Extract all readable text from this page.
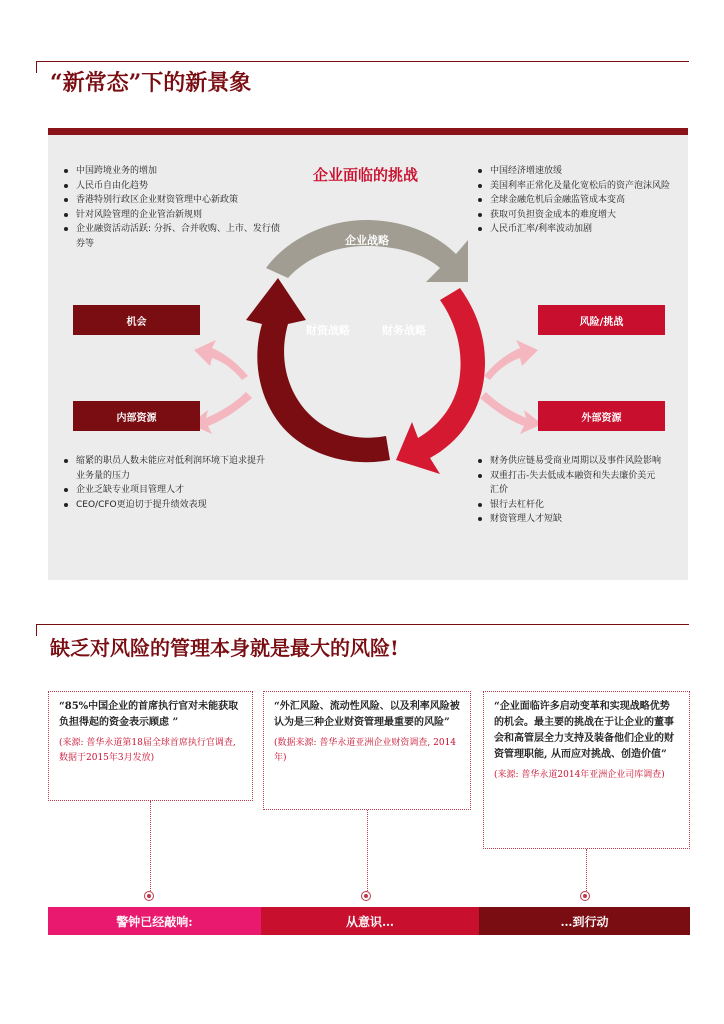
“新常态”下的新景象
中国跨境业务的增加
人民币自由化趋势
香港特别行政区企业财资管理中心新政策
针对风险管理的企业管治新规则
企业融资活动活跃: 分拆、合并收购、上市、发行债券等
中国经济增速放缓
美国利率正常化及量化宽松后的资产泡沫风险
全球金融危机后金融监管成本变高
获取可负担资金成本的难度增大
人民币汇率/利率波动加剧
缩紧的职员人数未能应对低利润环境下追求提升业务量的压力
企业乏缺专业项目管理人才
CEO/CFO更迫切于提升绩效表现
财务供应链易受商业周期以及事件风险影响
双重打击-失去低成本融资和失去廉价美元汇价
银行去杠杆化
财资管理人才短缺
企业面临的挑战
企业战略
财资战略	财务战略
机会
内部资源
风险/挑战
外部资源
缺乏对风险的管理本身就是最大的风险!
“85%中国企业的首席执行官对未能获取负担得起的资金表示顾虑 ”
(来源: 普华永道第18届全球首席执行官调查, 数据于2015年3月发放)
“外汇风险、流动性风险、以及利率风险被认为是三种企业财资管理最重要的风险”
(数据来源: 普华永道亚洲企业财资调查, 2014年)
“企业面临许多启动变革和实现战略优势的机会。最主要的挑战在于让企业的董事会和高管层全力支持及装备他们企业的财资管理职能, 从而应对挑战、创造价值”
(来源: 普华永道2014年亚洲企业司库调查)
警钟已经敲响:	从意识…	…到行动
